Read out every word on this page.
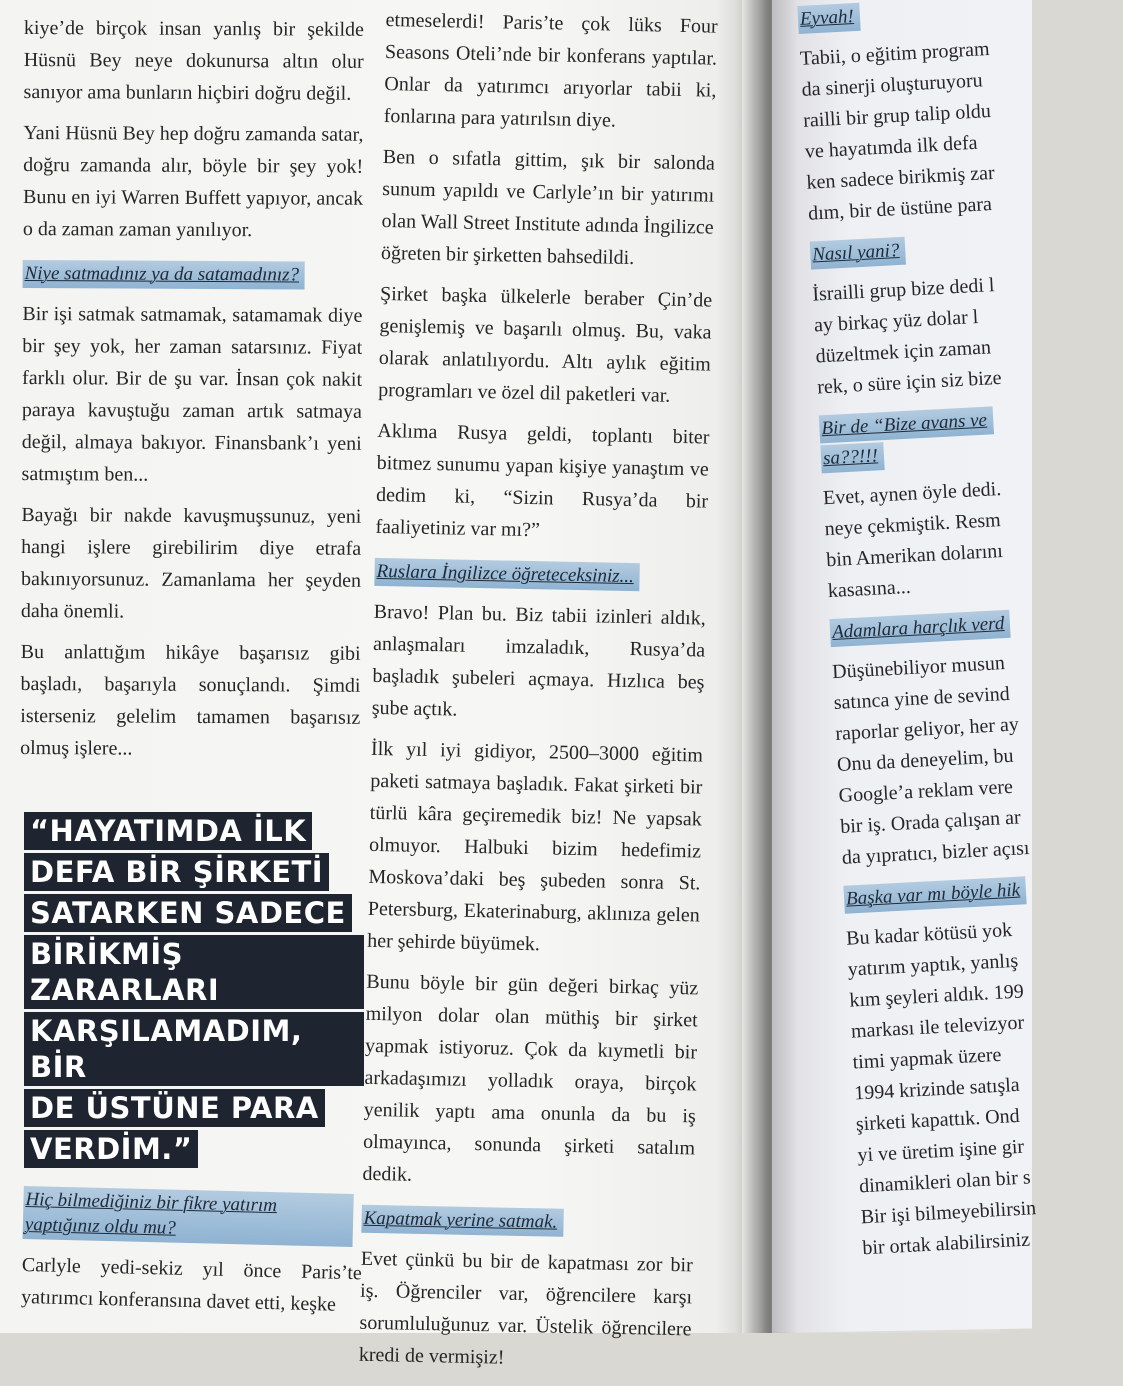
kiye’de birçok insan yanlış bir şekilde Hüsnü Bey neye dokunursa altın olur sanıyor ama bunların hiçbiri doğru değil.

Yani Hüsnü Bey hep doğru zamanda satar, doğru zamanda alır, böyle bir şey yok! Bunu en iyi Warren Buffett yapıyor, ancak o da zaman zaman yanılıyor.

Niye satmadınız ya da satamadınız?

Bir işi satmak satmamak, satamamak diye bir şey yok, her zaman satarsınız. Fiyat farklı olur. Bir de şu var. İnsan çok nakit paraya kavuştuğu zaman artık satmaya değil, almaya bakıyor. Finansbank’ı yeni satmıştım ben...

Bayağı bir nakde kavuşmuşsunuz, yeni hangi işlere girebilirim diye etrafa bakınıyorsunuz. Zamanlama her şeyden daha önemli.

Bu anlattığım hikâye başarısız gibi başladı, başarıyla sonuçlandı. Şimdi isterseniz gelelim tamamen başarısız olmuş işlere...

“HAYATIMDA İLK
DEFA BİR ŞİRKETİ
SATARKEN SADECE
BİRİKMİŞ ZARARLARI
KARŞILAMADIM, BİR
DE ÜSTÜNE PARA
VERDİM.”
Hiç bilmediğiniz bir fikre yatırım yaptığınız oldu mu?

Carlyle yedi-sekiz yıl önce Paris’te yatırımcı konferansına davet etti, keşke

etmeselerdi! Paris’te çok lüks Four Seasons Oteli’nde bir konferans yaptılar. Onlar da yatırımcı arıyorlar tabii ki, fonlarına para yatırılsın diye.

Ben o sıfatla gittim, şık bir salonda sunum yapıldı ve Carlyle’ın bir yatırımı olan Wall Street Institute adında İngilizce öğreten bir şirketten bahsedildi.

Şirket başka ülkelerle beraber Çin’de genişlemiş ve başarılı olmuş. Bu, vaka olarak anlatılıyordu. Altı aylık eğitim programları ve özel dil paketleri var.

Aklıma Rusya geldi, toplantı biter bitmez sunumu yapan kişiye yanaştım ve dedim ki, “Sizin Rusya’da bir faaliyetiniz var mı?”

Ruslara İngilizce öğreteceksiniz...

Bravo! Plan bu. Biz tabii izinleri aldık, anlaşmaları imzaladık, Rusya’da başladık şubeleri açmaya. Hızlıca beş şube açtık.

İlk yıl iyi gidiyor, 2500–3000 eğitim paketi satmaya başladık. Fakat şirketi bir türlü kâra geçiremedik biz! Ne yapsak olmuyor. Halbuki bizim hedefimiz Moskova’daki beş şubeden sonra St. Petersburg, Ekaterinaburg, aklınıza gelen her şehirde büyümek.

Bunu böyle bir gün değeri birkaç yüz milyon dolar olan müthiş bir şirket yapmak istiyoruz. Çok da kıymetli bir arkadaşımızı yolladık oraya, birçok yenilik yaptı ama onunla da bu iş olmayınca, sonunda şirketi satalım dedik.

Kapatmak yerine satmak.

Evet çünkü bu bir de kapatması zor bir iş. Öğrenciler var, öğrencilere karşı sorumluluğunuz var. Üstelik öğrencilere kredi de vermişiz!

Eyvah!

Tabii, o eğitim program

da sinerji oluşturuyoru

railli bir grup talip oldu

ve hayatımda ilk defa

ken sadece birikmiş zar

dım, bir de üstüne para

Nasıl yani?

İsrailli grup bize dedi l

ay birkaç yüz dolar l

düzeltmek için zaman

rek, o süre için siz bize

Bir de “Bize avans ve
sa??!!!

Evet, aynen öyle dedi.

neye çekmiştik. Resm

bin Amerikan dolarını

kasasına...

Adamlara harçlık verd

Düşünebiliyor musun

satınca yine de sevind

raporlar geliyor, her ay

Onu da deneyelim, bu

Google’a reklam vere

bir iş. Orada çalışan ar

da yıpratıcı, bizler açısı

Başka var mı böyle hik

Bu kadar kötüsü yok

yatırım yaptık, yanlış

kım şeyleri aldık. 199

markası ile televizyor

timi yapmak üzere

1994 krizinde satışla

şirketi kapattık. Ond

yi ve üretim işine gir

dinamikleri olan bir s

Bir işi bilmeyebilirsin

bir ortak alabilirsiniz
